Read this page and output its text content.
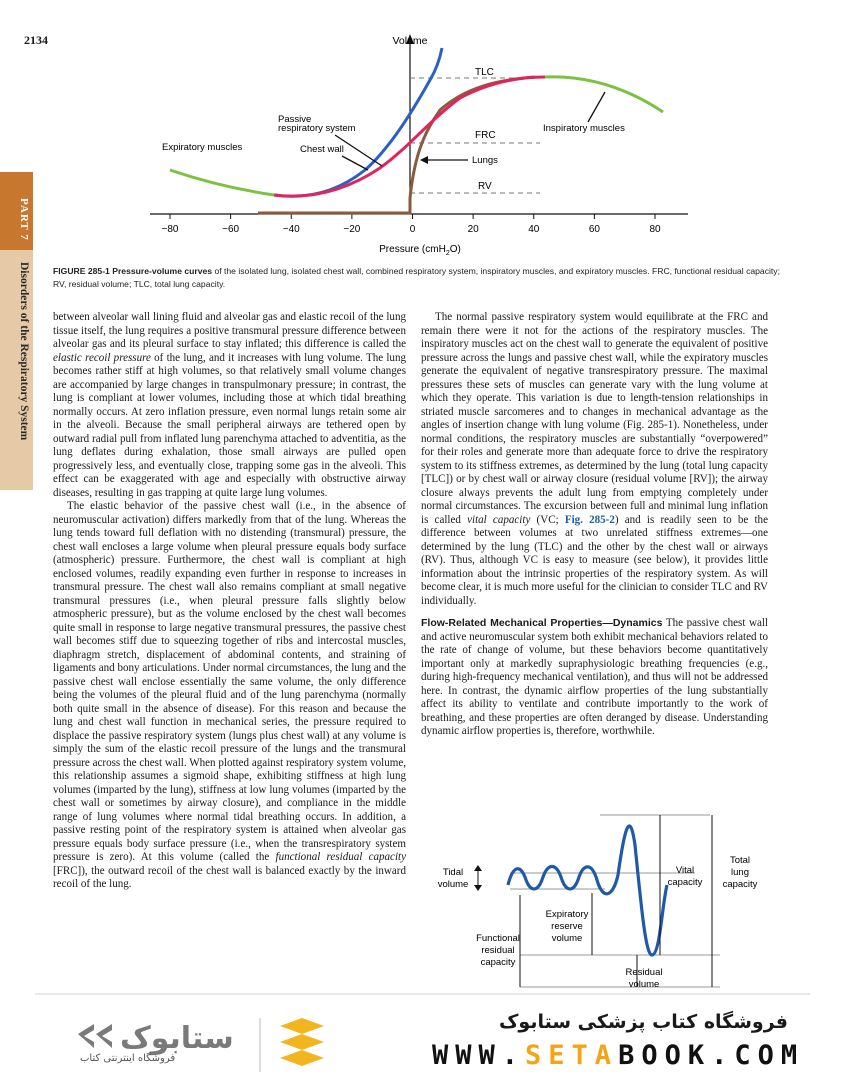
2134
PART 7
Disorders of the Respiratory System
Volume
−80	−60	−40	−20	0	20	40	60	80
Pressure (cmH$_2$O)
TLC
FRC
RV
Passive
respiratory system
Chest wall
Expiratory muscles
Inspiratory muscles
Lungs
FIGURE 285-1 Pressure-volume curves of the isolated lung, isolated chest wall, combined respiratory system, inspiratory muscles, and expiratory muscles. FRC, functional residual capacity; RV, residual volume; TLC, total lung capacity.

between alveolar wall lining fluid and alveolar gas and elastic recoil of the lung tissue itself, the lung requires a positive transmural pressure difference between alveolar gas and its pleural surface to stay inflated; this difference is called the elastic recoil pressure of the lung, and it increases with lung volume. The lung becomes rather stiff at high volumes, so that relatively small volume changes are accompanied by large changes in transpulmonary pressure; in contrast, the lung is compliant at lower volumes, including those at which tidal breathing normally occurs. At zero inflation pressure, even normal lungs retain some air in the alveoli. Because the small peripheral airways are tethered open by outward radial pull from inflated lung parenchyma attached to adventitia, as the lung deflates during exhalation, those small airways are pulled open progressively less, and eventually close, trapping some gas in the alveoli. This effect can be exaggerated with age and especially with obstructive airway diseases, resulting in gas trapping at quite large lung volumes.

The elastic behavior of the passive chest wall (i.e., in the absence of neuromuscular activation) differs markedly from that of the lung. Whereas the lung tends toward full deflation with no distending (transmural) pressure, the chest wall encloses a large volume when pleural pressure equals body surface (atmospheric) pressure. Furthermore, the chest wall is compliant at high enclosed volumes, readily expanding even further in response to increases in transmural pressure. The chest wall also remains compliant at small negative transmural pressures (i.e., when pleural pressure falls slightly below atmospheric pressure), but as the volume enclosed by the chest wall becomes quite small in response to large negative transmural pressures, the passive chest wall becomes stiff due to squeezing together of ribs and intercostal muscles, diaphragm stretch, displacement of abdominal contents, and straining of ligaments and bony articulations. Under normal circumstances, the lung and the passive chest wall enclose essentially the same volume, the only difference being the volumes of the pleural fluid and of the lung parenchyma (normally both quite small in the absence of disease). For this reason and because the lung and chest wall function in mechanical series, the pressure required to displace the passive respiratory system (lungs plus chest wall) at any volume is simply the sum of the elastic recoil pressure of the lungs and the transmural pressure across the chest wall. When plotted against respiratory system volume, this relationship assumes a sigmoid shape, exhibiting stiffness at high lung volumes (imparted by the lung), stiffness at low lung volumes (imparted by the chest wall or sometimes by airway closure), and compliance in the middle range of lung volumes where normal tidal breathing occurs. In addition, a passive resting point of the respiratory system is attained when alveolar gas pressure equals body surface pressure (i.e., when the transrespiratory system pressure is zero). At this volume (called the functional residual capacity [FRC]), the outward recoil of the chest wall is balanced exactly by the inward recoil of the lung.

The normal passive respiratory system would equilibrate at the FRC and remain there were it not for the actions of the respiratory muscles. The inspiratory muscles act on the chest wall to generate the equivalent of positive pressure across the lungs and passive chest wall, while the expiratory muscles generate the equivalent of negative transrespiratory pressure. The maximal pressures these sets of muscles can generate vary with the lung volume at which they operate. This variation is due to length-tension relationships in striated muscle sarcomeres and to changes in mechanical advantage as the angles of insertion change with lung volume (Fig. 285-1). Nonetheless, under normal conditions, the respiratory muscles are substantially “overpowered” for their roles and generate more than adequate force to drive the respiratory system to its stiffness extremes, as determined by the lung (total lung capacity [TLC]) or by chest wall or airway closure (residual volume [RV]); the airway closure always prevents the adult lung from emptying completely under normal circumstances. The excursion between full and minimal lung inflation is called vital capacity (VC; Fig. 285-2) and is readily seen to be the difference between volumes at two unrelated stiffness extremes—one determined by the lung (TLC) and the other by the chest wall or airways (RV). Thus, although VC is easy to measure (see below), it provides little information about the intrinsic properties of the respiratory system. As will become clear, it is much more useful for the clinician to consider TLC and RV individually.

Flow-Related Mechanical Properties—Dynamics The passive chest wall and active neuromuscular system both exhibit mechanical behaviors related to the rate of change of volume, but these behaviors become quantitatively important only at markedly supraphysiologic breathing frequencies (e.g., during high-frequency mechanical ventilation), and thus will not be addressed here. In contrast, the dynamic airflow properties of the lung substantially affect its ability to ventilate and contribute importantly to the work of breathing, and these properties are often deranged by disease. Understanding dynamic airflow properties is, therefore, worthwhile.

Tidal
volume
Expiratory
reserve
volume
Functional
residual
capacity
Vital
capacity
Total
lung
capacity
Residual
volume
ستابوک
فروشگاه اینترنتی کتاب
فروشگاه کتاب پزشکی ستابوک
WWW.SETABOOK.COM
